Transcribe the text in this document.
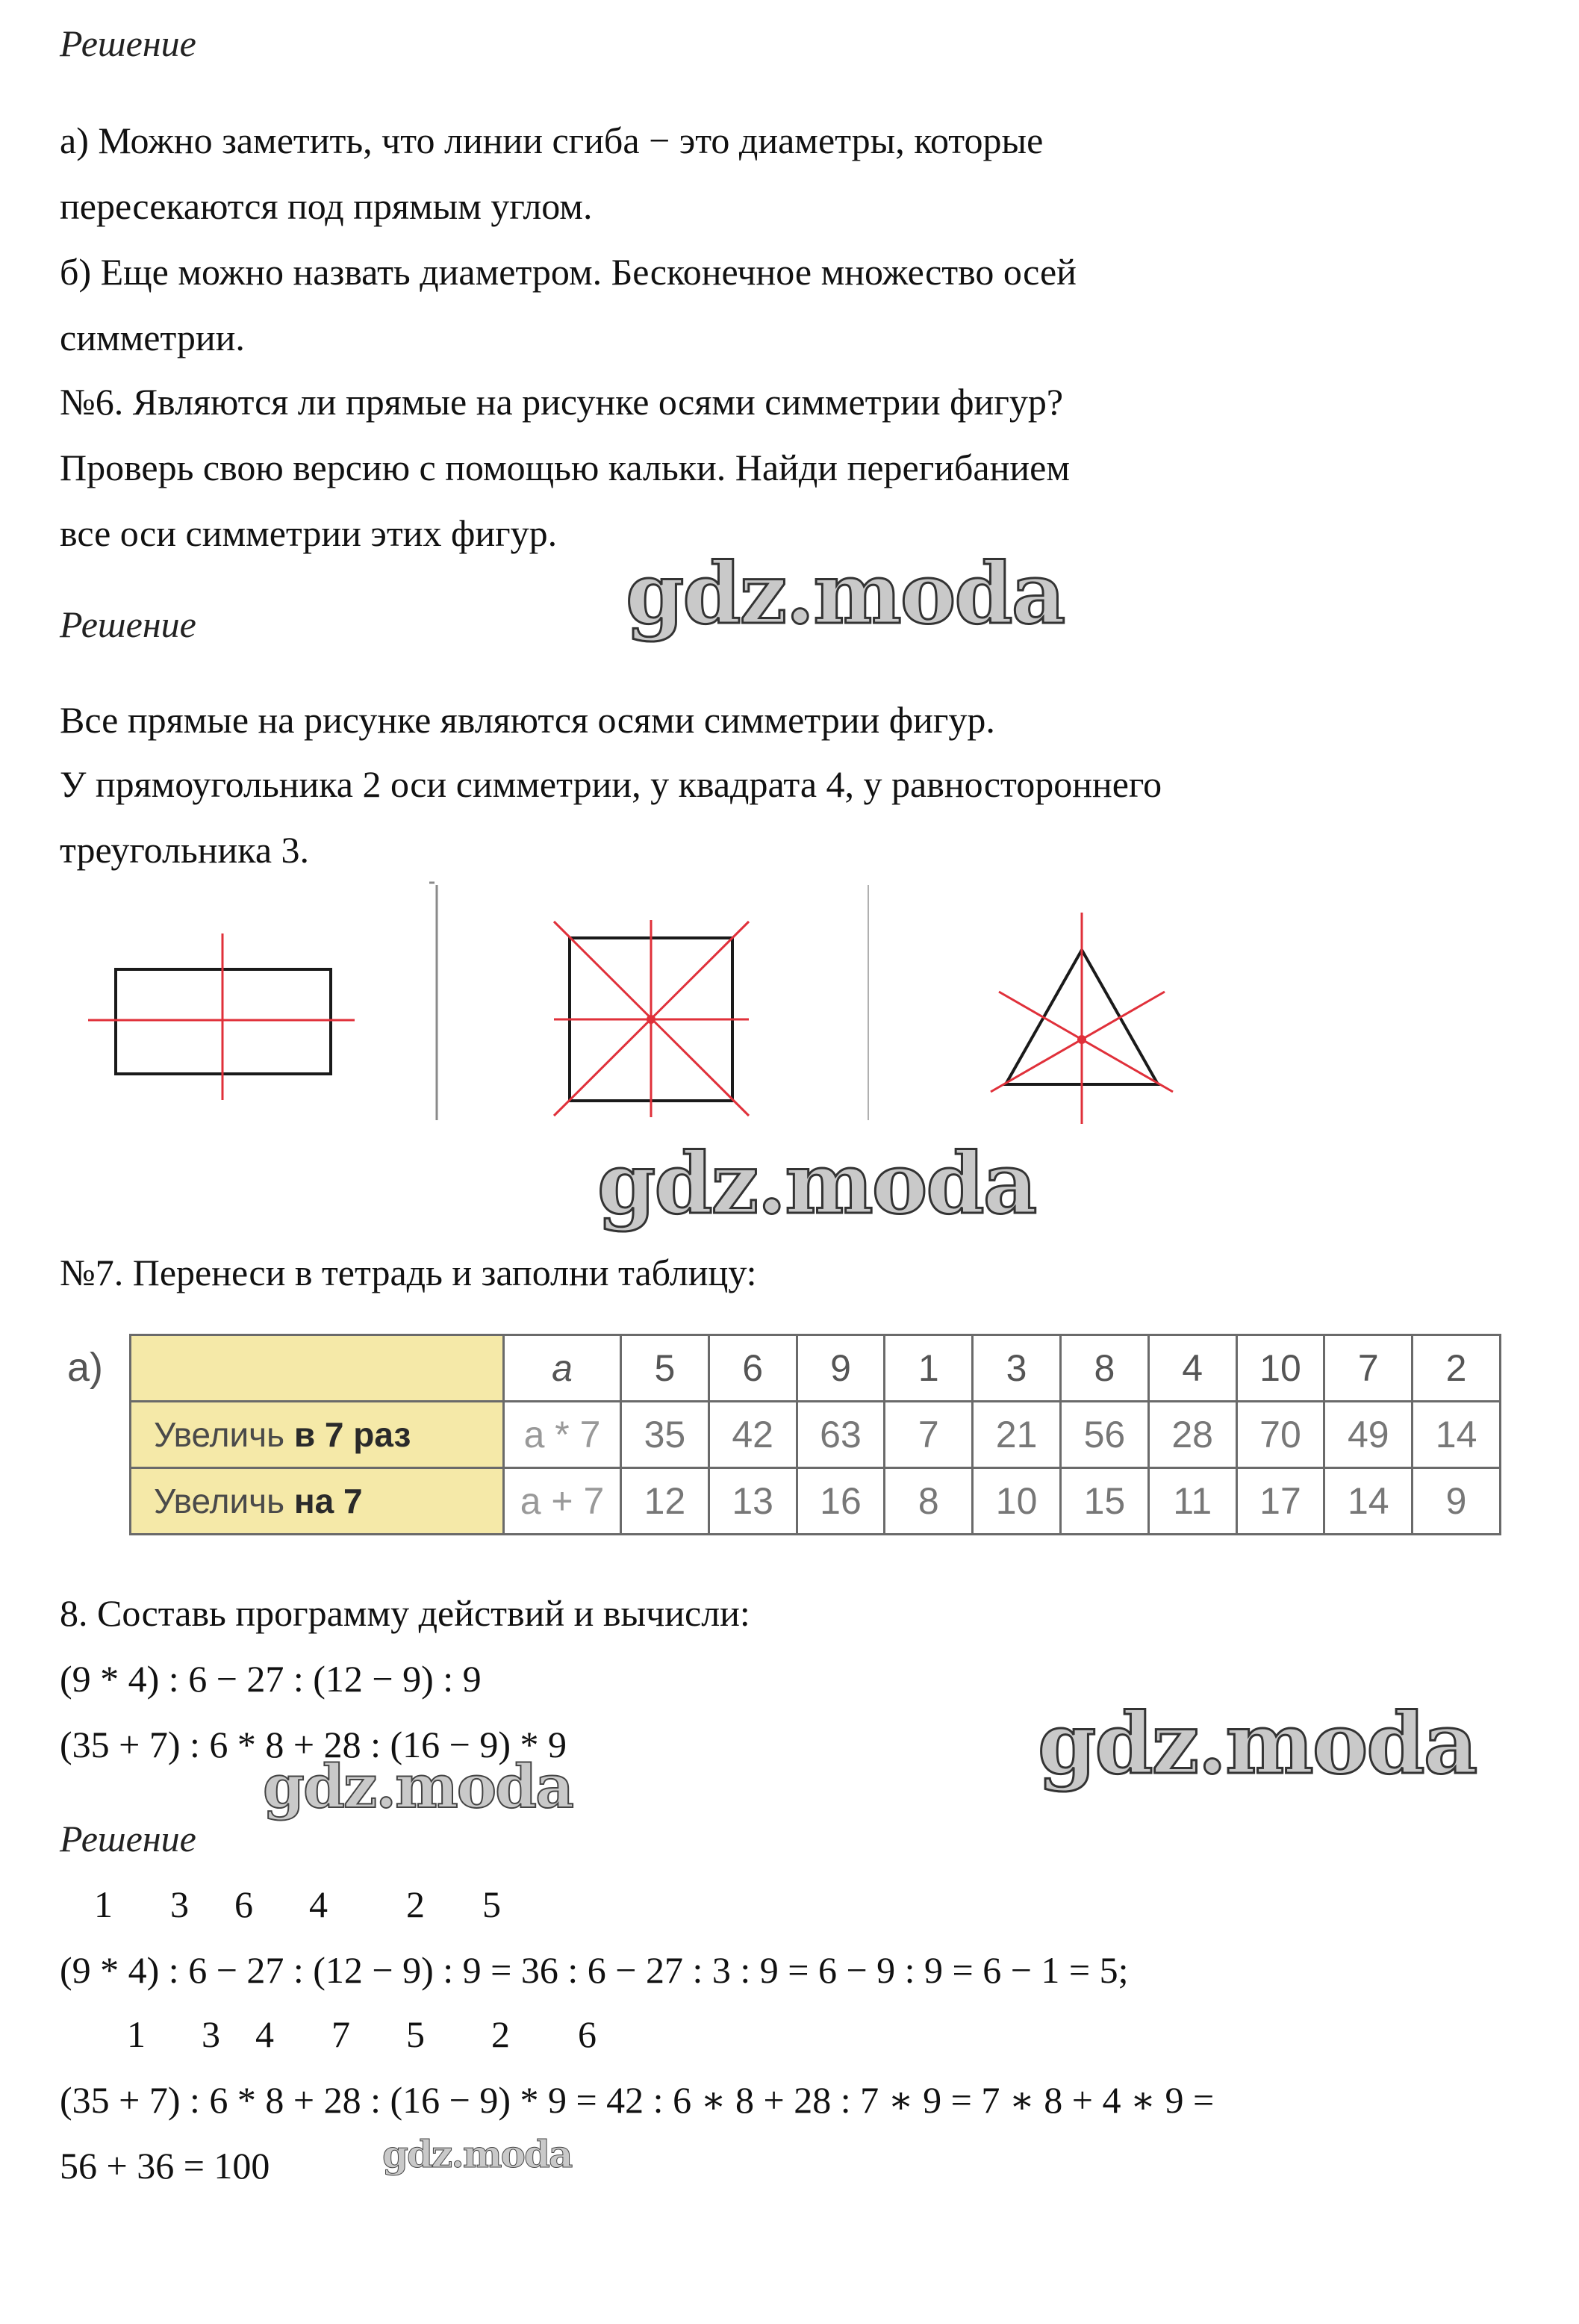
Решение
а) Можно заметить, что линии сгиба − это диаметры, которые
пересекаются под прямым углом.
б) Еще можно назвать диаметром. Бесконечное множество осей
симметрии.
№6. Являются ли прямые на рисунке осями симметрии фигур?
Проверь свою версию с помощью кальки. Найди перегибанием
все оси симметрии этих фигур.
gdz.moda
Решение
Все прямые на рисунке являются осями симметрии фигур.
У прямоугольника 2 оси симметрии, у квадрата 4, у равностороннего
треугольника 3.
gdz.moda
№7. Перенеси в тетрадь и заполни таблицу:
а)
		a	5	6	9	1	3	8	4	10	7	2
Увеличь в 7 раз	a * 7	35	42	63	7	21	56	28	70	49	14
Увеличь на 7	a + 7	12	13	16	8	10	15	11	17	14	9
8. Составь программу действий и вычисли:
(9 * 4) : 6 − 27 : (12 − 9) : 9
(35 + 7) : 6 * 8 + 28 : (16 − 9) * 9	gdz.moda
gdz.moda
Решение
1 3 6 4 2 5
(9 * 4) : 6 − 27 : (12 − 9) : 9 = 36 : 6 − 27 : 3 : 9 = 6 − 9 : 9 = 6 − 1 = 5;
1 3 4 7 5 2 6
(35 + 7) : 6 * 8 + 28 : (16 − 9) * 9 = 42 : 6 ∗ 8 + 28 : 7 ∗ 9 = 7 ∗ 8 + 4 ∗ 9 =
56 + 36 = 100	gdz.moda
